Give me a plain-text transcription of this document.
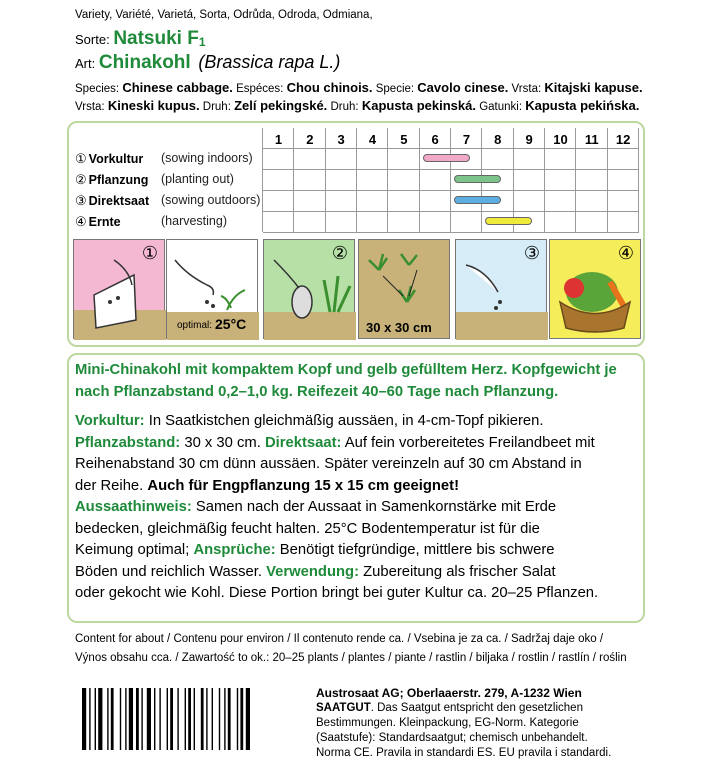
Variety, Variété, Varietá, Sorta, Odrůda, Odroda, Odmiana,
Sorte: Natsuki $F_1$
Art: Chinakohl (Brassica rapa L.)
Species: Chinese cabbage. Espéces: Chou chinois. Specie: Cavolo cinese. Vrsta: Kitajski kapuse.
Vrsta: Kineski kupus. Druh: Zelí pekingské. Druh: Kapusta pekinská. Gatunki: Kapusta pekińska.
1	2	3	4	5	6	7	8	9	10	11	12
① Vorkultur (sowing indoors)
② Pflanzung (planting out)
③ Direktsaat (sowing outdoors)
④ Ernte	(harvesting)
①
optimal: 25°C
②
30 x 30 cm
③	④

Mini-Chinakohl mit kompaktem Kopf und gelb gefülltem Herz. Kopfgewicht je

nach Pflanzabstand 0,2–1,0 kg. Reifezeit 40–60 Tage nach Pflanzung.

Vorkultur: In Saatkistchen gleichmäßig aussäen, in 4-cm-Topf pikieren.

Pflanzabstand: 30 x 30 cm. Direktsaat: Auf fein vorbereitetes Freilandbeet mit

Reihenabstand 30 cm dünn aussäen. Später vereinzeln auf 30 cm Abstand in

der Reihe. Auch für Engpflanzung 15 x 15 cm geeignet!

Aussaathinweis: Samen nach der Aussaat in Samenkornstärke mit Erde

bedecken, gleichmäßig feucht halten. 25°C Bodentemperatur ist für die

Keimung optimal; Ansprüche: Benötigt tiefgründige, mittlere bis schwere

Böden und reichlich Wasser. Verwendung: Zubereitung als frischer Salat

oder gekocht wie Kohl. Diese Portion bringt bei guter Kultur ca. 20–25 Pflanzen.

Content for about / Contenu pour environ / Il contenuto rende ca. / Vsebina je za ca. / Sadržaj daje oko /
Výnos obsahu cca. / Zawartość to ok.: 20–25 plants / plantes / piante / rastlin / biljaka / rostlin / rastlín / roślin
Austrosaat AG; Oberlaaerstr. 279, A-1232 Wien
SAATGUT. Das Saatgut entspricht den gesetzlichen
Bestimmungen. Kleinpackung, EG-Norm. Kategorie
(Saatstufe): Standardsaatgut; chemisch unbehandelt.
Norma CE. Pravila in standardi ES. EU pravila i standardi.
